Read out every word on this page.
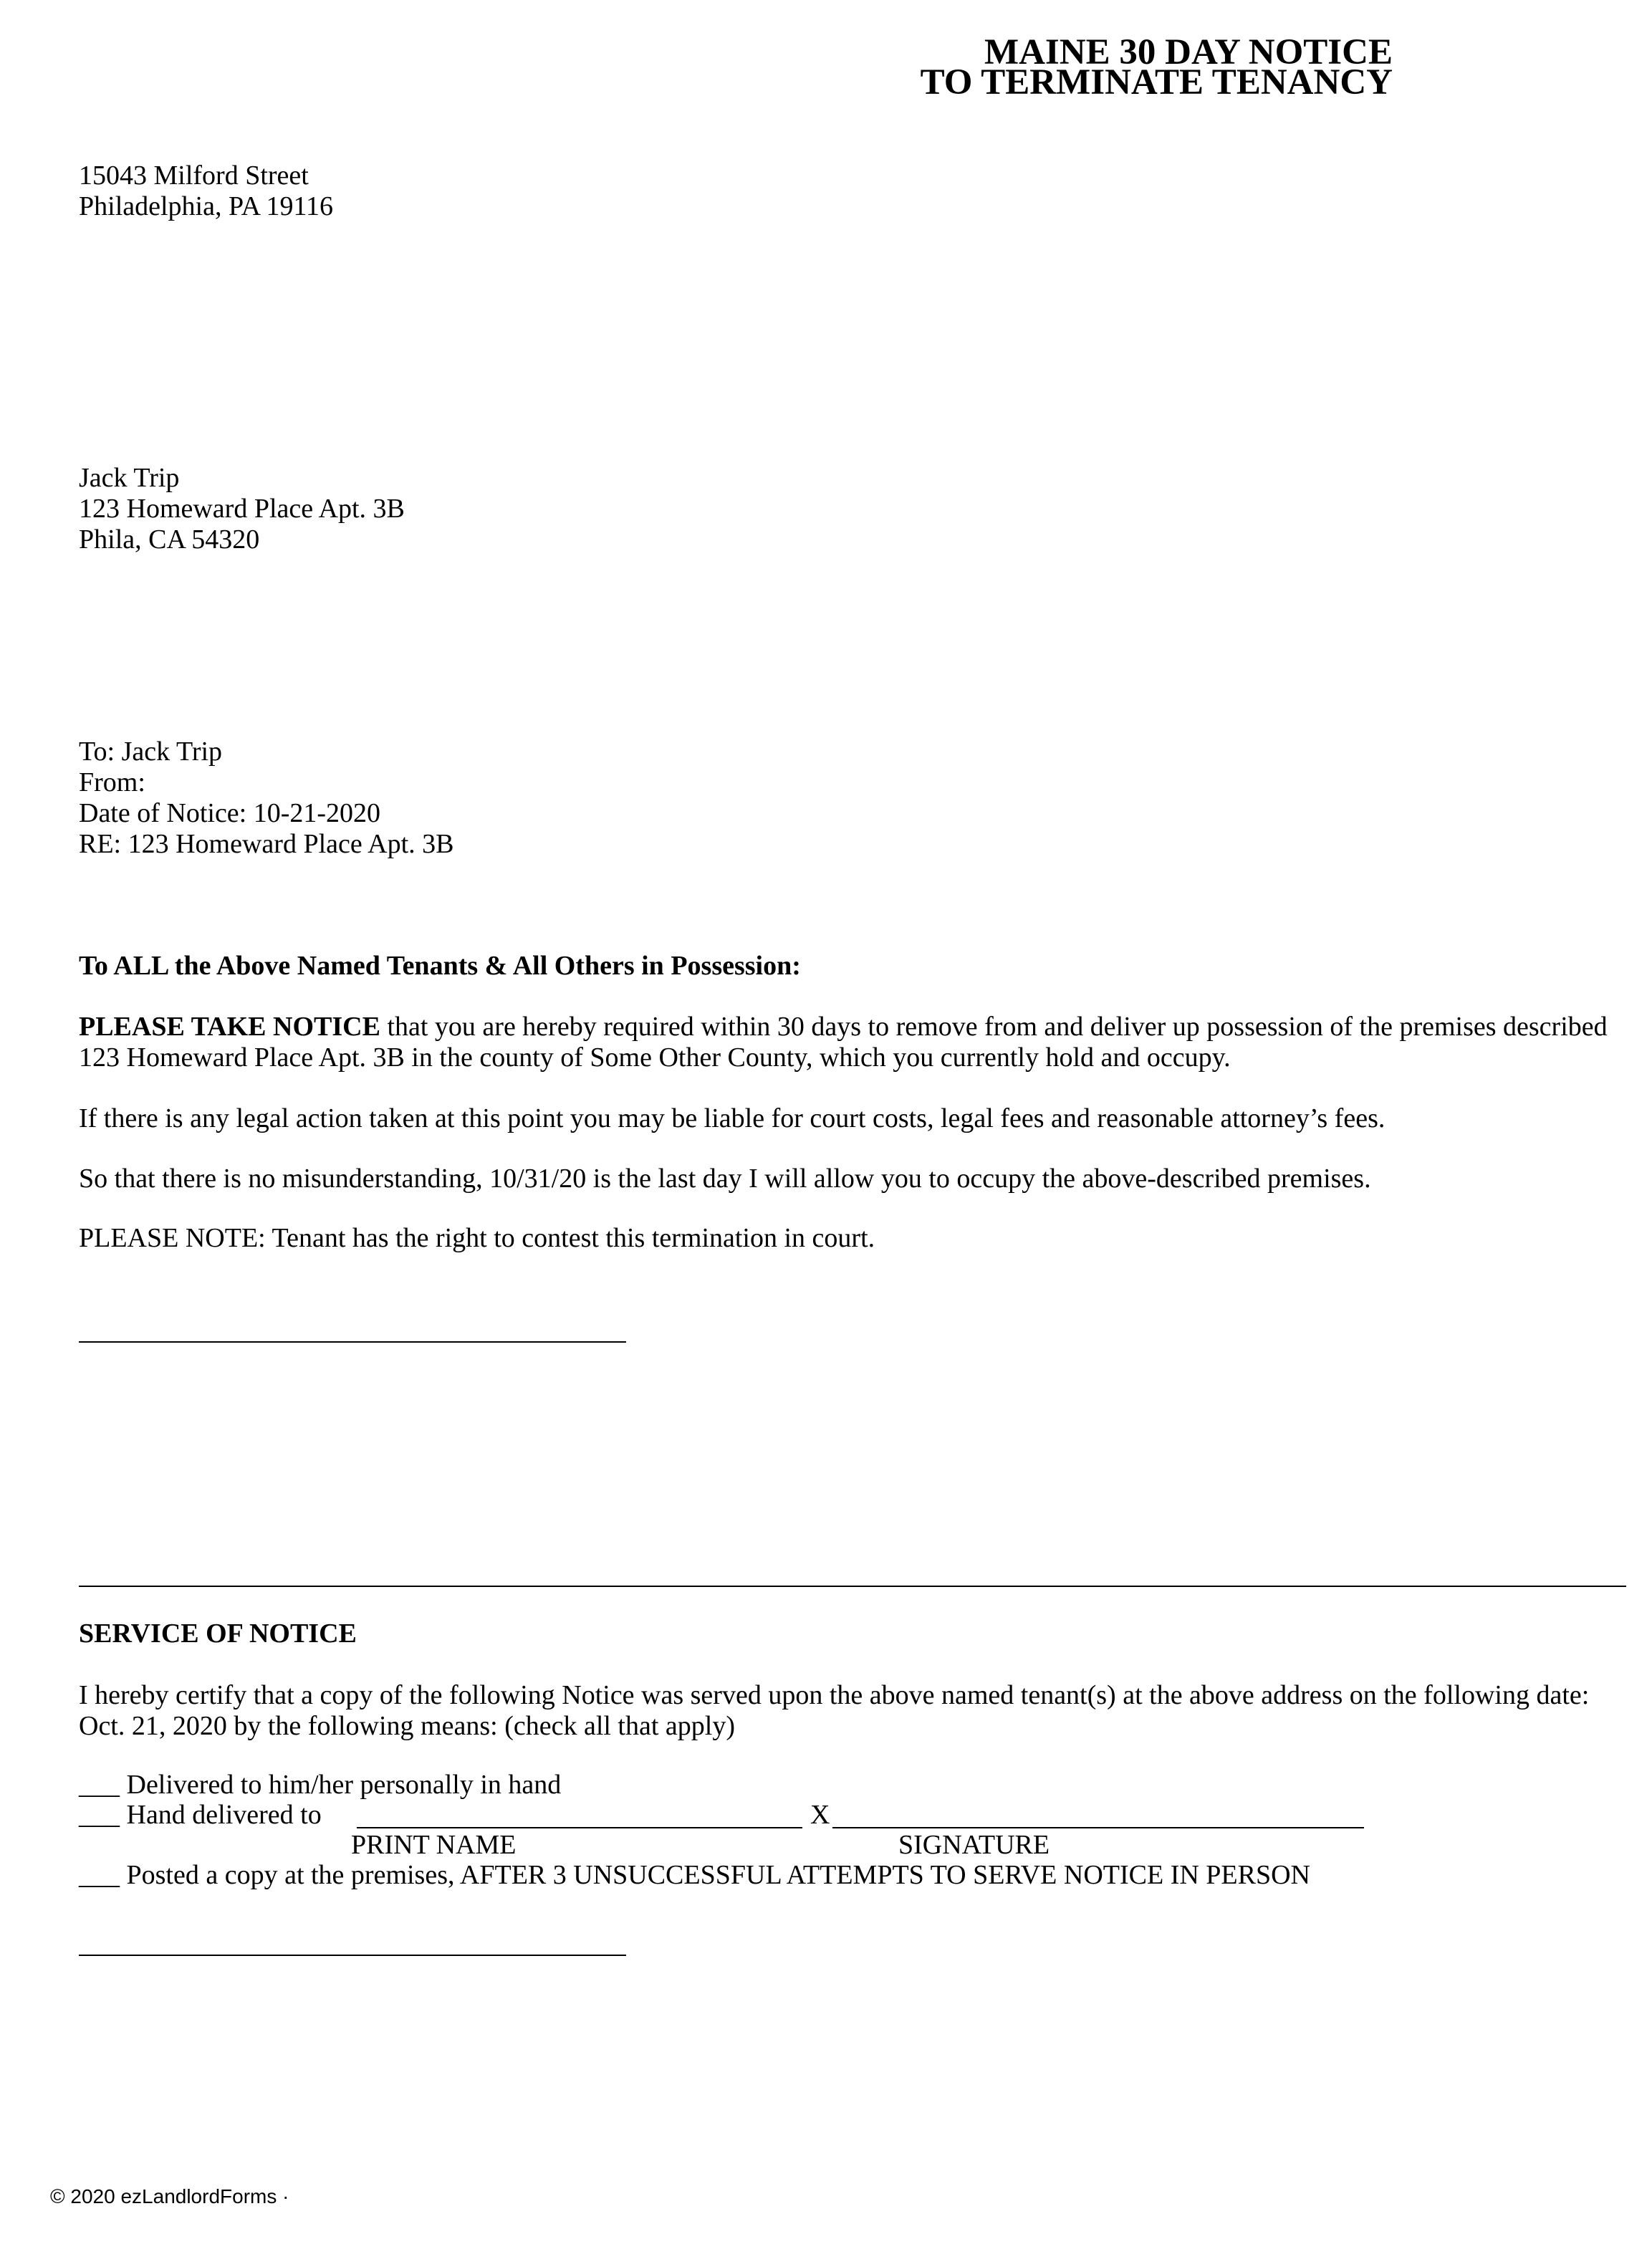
MAINE 30 DAY NOTICE
TO TERMINATE TENANCY
15043 Milford Street
Philadelphia, PA 19116
Jack Trip
123 Homeward Place Apt. 3B
Phila, CA 54320
To: Jack Trip
From:
Date of Notice: 10-21-2020
RE: 123 Homeward Place Apt. 3B
To ALL the Above Named Tenants & All Others in Possession:
PLEASE TAKE NOTICE that you are hereby required within 30 days to remove from and deliver up possession of the premises described 123 Homeward Place Apt. 3B in the county of Some Other County, which you currently hold and occupy.
If there is any legal action taken at this point you may be liable for court costs, legal fees and reasonable attorney’s fees.
So that there is no misunderstanding, 10/31/20 is the last day I will allow you to occupy the above-described premises.
PLEASE NOTE: Tenant has the right to contest this termination in court.
SERVICE OF NOTICE
I hereby certify that a copy of the following Notice was served upon the above named tenant(s) at the above address on the following date: Oct. 21, 2020 by the following means: (check all that apply)
___ Delivered to him/her personally in hand
___ Hand delivered to	X
PRINT NAME	SIGNATURE
___ Posted a copy at the premises, AFTER 3 UNSUCCESSFUL ATTEMPTS TO SERVE NOTICE IN PERSON
© 2020 ezLandlordForms ·
